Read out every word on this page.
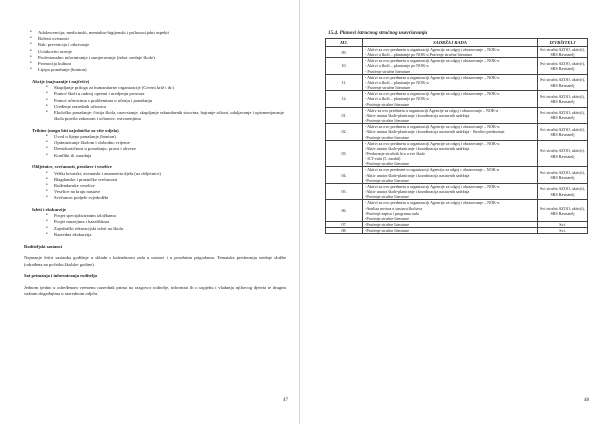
• Adolescencija; medicinski, mentalno-higijenski i psihosocijalni aspekti
• Bolesti ovisnosti
• Rak: prevencija i otkrivanje
• Ucinkovito ucenje
• Profesionalno informiranje i usmjeravanje (izbor srednje škole)
• Promocija kultura
• Lijepo ponašanje (bonton)
Akcije (najvaznije i najčešće)
• Skupljanje priloga za humanitarne organizacije (Crveni križ i dr.)
• Pomoć školi u radnoj opremi i uredjenju prostora
• Pomoć učenicima s problemima u učenju i ponašanju
• Uređenje razrednih učionica
• Ekološko ponašanje: čistija škola, razvrstanje, skupljanje sekundarnih sirovina, bajranje učioni, udaljavanje i opismenjavanje škola pravila zakonom i učionice, ostvarenjima
Tribine (mogu biti zajedničke za više odjela)
• Uvod u lijepo ponašanje (bonton)
• Optimiziranje školom i slobodno vrijeme
• Demokratičnost u ponašanju: prava i obveze
• Konflikt ili suradnja
Obljetnice, svečanosti, proslave i veselice
• Veliki hrvatski, avenatski i znamenita djela (uz obljetnice)
• Blagdanske i prazničke svečanosti
• Rođendanske veselice
• Veselice na kraju nastave
• Svečanost podjele svjedodžbi
Izleti i ekskurzije
• Posjet specijaliziranim izložbama
• Posjet muzejima i kazalištima
• Zajednički rekreacijski izleti uz školu
• Razredna ekskurzija
Roditeljski sastanci
Najmanje četiri sastanka godišnje u skladu s kalendarom rada u nastavi i u posebnim prigodama. Tematska predavanja srednje službe (odrađena na početku školske godine).
Sat primanja i informiranja roditelja
Jednom tjedno u određenom vremenu razrednik prima na razgovor roditelje, informira ih o uspjehu i vladanju njihovog djeteta te drugim važnim događajima u razrednom odjelu.
47	48
15.4. Planovi istrucnog stručnog usavršavanja
MJ.	SADRŽAJ RADA	IZVRŠITELJ
09.	- Aktivi za ovo predmetu u organizaciji Agencije za odgoj i obrazovanje – NOK-u
- Aktivi u školi – planiranje po NOK-u Praćenje stručne literature	Svi stručni AZOO, aktiv(i), SRS Ravnatelj
10.	- Aktivi za ovo predmetu u organizaciji Agencije za odgoj i obrazovanje – NOK-u
- Aktivi u školi – planiranje po NOK-u
- Praćenje stručne literature	Svi stručni AZOO, aktiv(i), SRS Ravnatelj
11.	- Aktivi za ovo predmetu u organizaciji Agencije za odgoj i obrazovanje – NOK-u
- Aktivi u školi – planiranje po NOK-u
- Praćenje stručne literature	Svi stručni AZOO, aktiv(i), SRS Ravnatelj
12.	- Aktivi za ovo predmetu u organizaciji Agencije za odgoj i obrazovanje – NOK-u
- Aktivi u školi – planiranje po NOK-u
-Praćenje stručne literature	Svi stručni AZOO, aktiv(i), SRS Ravnatelj
01.	- Aktiv za ovo predmetu u organizaciji Agencije za odgoj i obrazovanje – NOK-u
-Aktiv unutar škole-planiranje i koordinacija nastavnih sadržaja
-Praćenje stručne literature	Svi stručni AZOO, aktiv(i), SRS Ravnatelj
02.	- Aktivi za ovo predmetu u organizaciji Agencije za odgoj i obrazovanje – NOK-u
-Aktiv unutar škole-planiranje i koordinacija nastavnih sadržaja - Stručno predavanje
-Praćenje stručne literature	Svi stručni AZOO, aktiv(i), SRS Ravnatelj
03.	- Aktivi za ovo predmetu u organizaciji Agencije za odgoj i obrazovanje – NOK-u
-Aktiv unutar škole-planiranje i koordinacija nastavnih sadržaja
-Predavanje stručnih lica u sve škole
- ICT-eulu (5. modul)
-Praćenje stručne literature	Svi stručni AZOO, aktiv(i), SRS Ravnatelj
04.	- Aktivi za ove predmete u organizaciji Agencije za odgoj i obrazovanje – NOK-u
-Aktiv unutar škole-planiranje i koordinacija nastavnih sadržaja
-Praćenje stručne literature	Svi stručni AZOO, aktiv(i), SRS Ravnatelj
05.	- Aktivi za ovo predmetu u organizaciji Agencije za odgoj i obrazovanje – NOK-u
-Aktiv unutar škole-planiranje i koordinacija nastavnih sadržaja
-Praćenje stručne literature	Svi stručni AZOO, aktiv(i), SRS Ravnatelj
06.	- Aktivi za ovo predmetu u organizaciji Agencije za odgoj i obrazovanje – NOK-u
-Analiza novina u sustavu školstva
-Praćenje zapisa i programa rada
-Praćenje stručne literature	Svi stručni AZOO, aktiv(i), SRS Ravnatelj
07.	-Praćenje stručne literature	Svi.
08.	-Praćenje stručne literature	Svi.
